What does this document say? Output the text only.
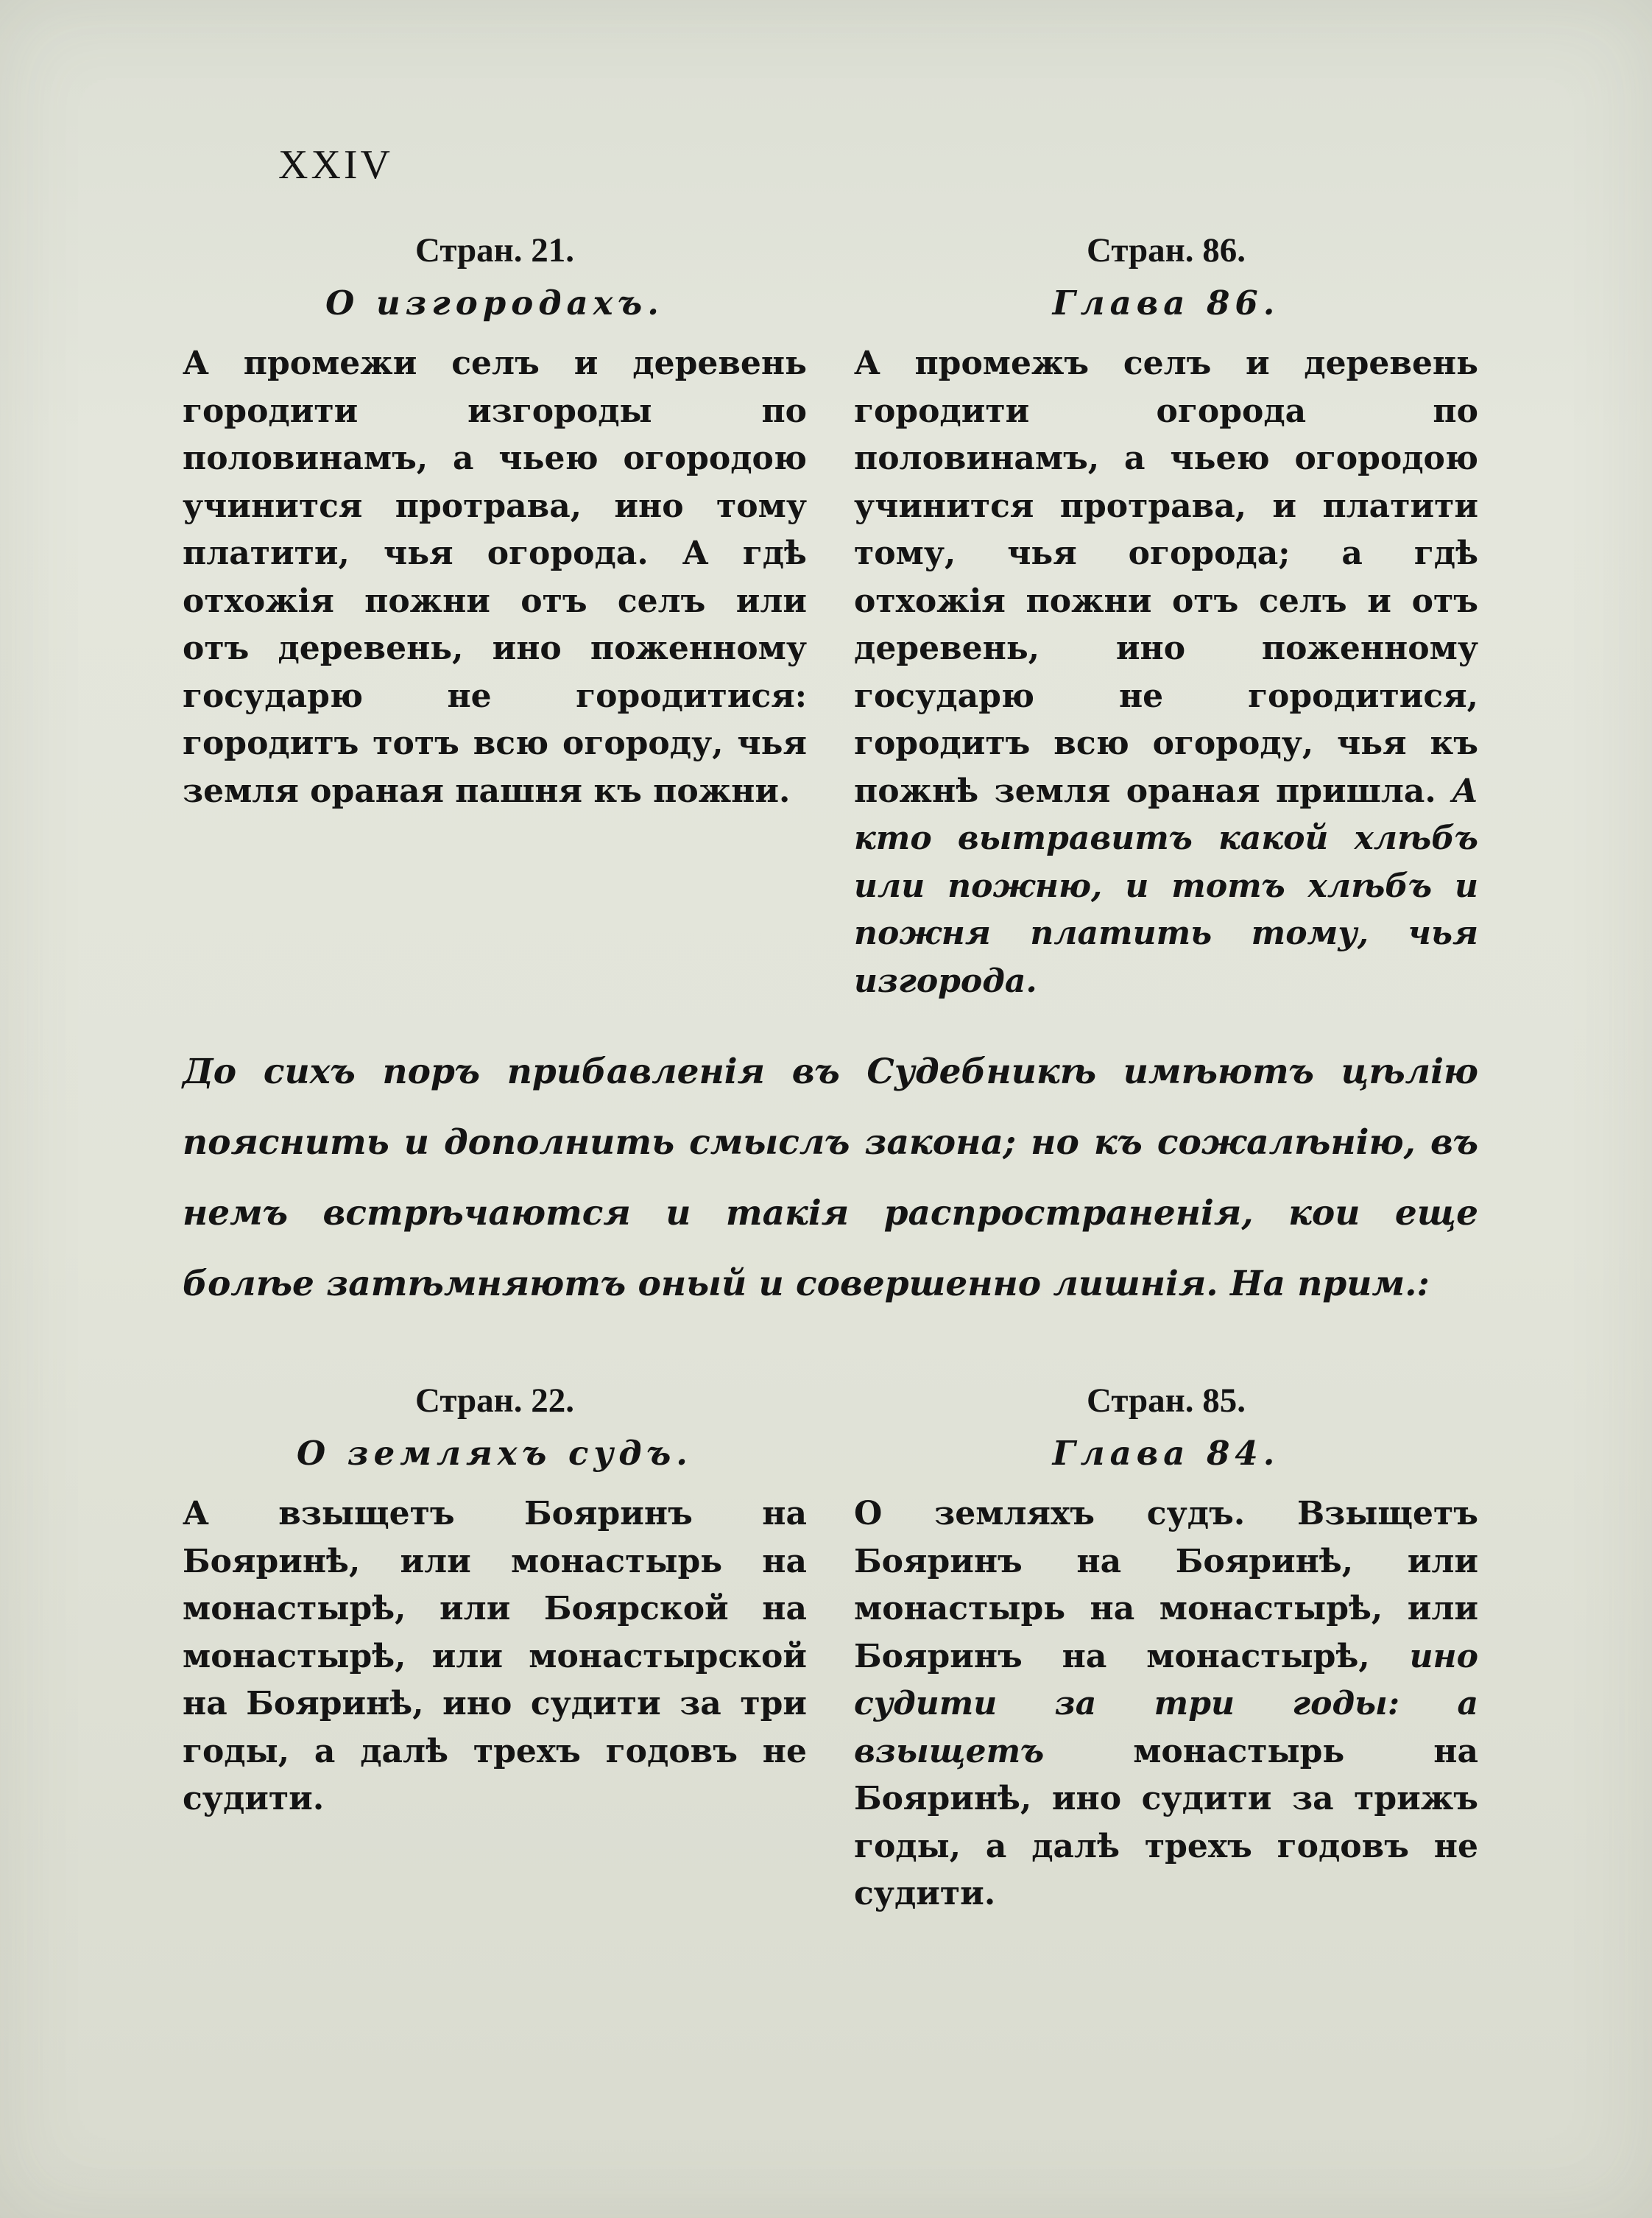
XXIV
Стран. 21.
О изгородахъ.

А промежи селъ и деревень городити изгороды по половинамъ, а чьею огородою учинится протрава, ино тому платити, чья огорода. А гдѣ отхожія пожни отъ селъ или отъ деревень, ино поженному государю не городитися: городитъ тотъ всю огороду, чья земля ораная пашня къ пожни.

Стран. 86.
Глава 86.

А промежъ селъ и деревень городити огорода по половинамъ, а чьею огородою учинится протрава, и платити тому, чья огорода; а гдѣ отхожія пожни отъ селъ и отъ деревень, ино поженному государю не городитися, городитъ всю огороду, чья къ пожнѣ земля ораная пришла. А кто вытравитъ какой хлѣбъ или пожню, и тотъ хлѣбъ и пожня платить тому, чья изгорода.

До сихъ поръ прибавленія въ Судебникѣ имѣютъ цѣлію пояснить и дополнить смыслъ закона; но къ сожалѣнію, въ немъ встрѣчаются и такія распространенія, кои еще болѣе затѣмняютъ оный и совершенно лишнія. На прим.:

Стран. 22.
О земляхъ судъ.

А взыщетъ Бояринъ на Бояринѣ, или монастырь на монастырѣ, или Боярской на монастырѣ, или монастырской на Бояринѣ, ино судити за три годы, а далѣ трехъ годовъ не судити.

Стран. 85.
Глава 84.

О земляхъ судъ. Взыщетъ Бояринъ на Бояринѣ, или монастырь на монастырѣ, или Бояринъ на монастырѣ, ино судити за три годы: а взыщетъ	монастырь на Бояринѣ, ино судити за трижъ годы, а далѣ трехъ годовъ не судити.
